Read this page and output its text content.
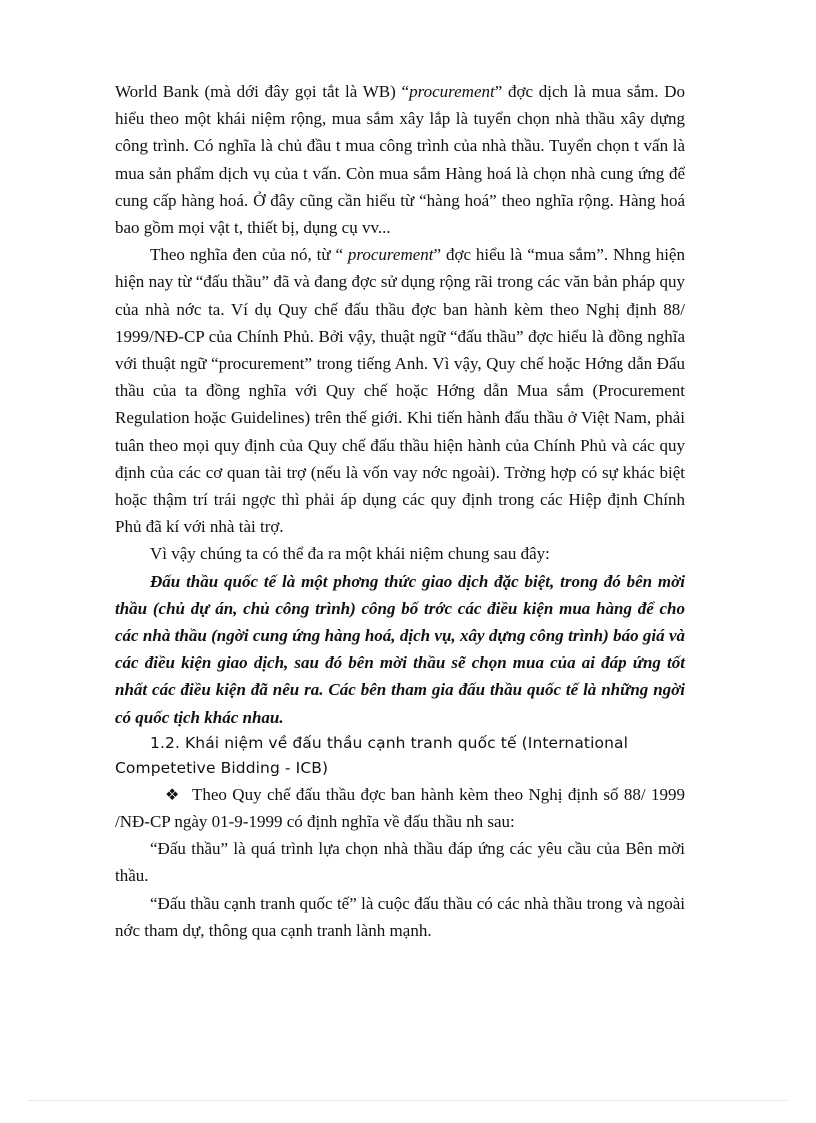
World Bank (mà dới đây gọi tắt là WB) “procurement” đợc dịch là mua sắm. Do hiểu theo một khái niệm rộng, mua sắm xây lắp là tuyển chọn nhà thầu xây dựng công trình. Có nghĩa là chủ đầu t mua công trình của nhà thầu. Tuyển chọn t vấn là mua sản phẩm dịch vụ của t vấn. Còn mua sắm Hàng hoá là chọn nhà cung ứng để cung cấp hàng hoá. Ở đây cũng cần hiểu từ “hàng hoá” theo nghĩa rộng. Hàng hoá bao gồm mọi vật t, thiết bị, dụng cụ vv...

Theo nghĩa đen của nó, từ “ procurement” đợc hiểu là “mua sắm”. Nhng hiện hiện nay từ “đấu thầu” đã và đang đợc sử dụng rộng rãi trong các văn bản pháp quy của nhà nớc ta. Ví dụ Quy chế đấu thầu đợc ban hành kèm theo Nghị định 88/ 1999/NĐ-CP của Chính Phủ. Bởi vậy, thuật ngữ “đấu thầu” đợc hiểu là đồng nghĩa với thuật ngữ “procurement” trong tiếng Anh. Vì vậy, Quy chế hoặc Hớng dẫn Đấu thầu của ta đồng nghĩa với Quy chế hoặc Hớng dẫn Mua sắm (Procurement Regulation hoặc Guidelines) trên thế giới. Khi tiến hành đấu thầu ở Việt Nam, phải tuân theo mọi quy định của Quy chế đấu thầu hiện hành của Chính Phủ và các quy định của các cơ quan tài trợ (nếu là vốn vay nớc ngoài). Trờng hợp có sự khác biệt hoặc thậm trí trái ngợc thì phải áp dụng các quy định trong các Hiệp định Chính Phủ đã kí với nhà tài trợ.

Vì vậy chúng ta có thể đa ra một khái niệm chung sau đây:

Đấu thầu quốc tế là một phơng thức giao dịch đặc biệt, trong đó bên mời thầu (chủ dự án, chủ công trình) công bố trớc các điều kiện mua hàng để cho các nhà thầu (ngời cung ứng hàng hoá, dịch vụ, xây dựng công trình) báo giá và các điều kiện giao dịch, sau đó bên mời thầu sẽ chọn mua của ai đáp ứng tốt nhất các điều kiện đã nêu ra. Các bên tham gia đấu thầu quốc tế là những ngời có quốc tịch khác nhau.

1.2. Khái niệm về đấu thầu cạnh tranh quốc tế (International Competetive Bidding - ICB)

❖ Theo Quy chế đấu thầu đợc ban hành kèm theo Nghị định số 88/ 1999 /NĐ-CP ngày 01-9-1999 có định nghĩa về đấu thầu nh sau:

“Đấu thầu” là quá trình lựa chọn nhà thầu đáp ứng các yêu cầu của Bên mời thầu.

“Đấu thầu cạnh tranh quốc tế” là cuộc đấu thầu có các nhà thầu trong và ngoài nớc tham dự, thông qua cạnh tranh lành mạnh.
